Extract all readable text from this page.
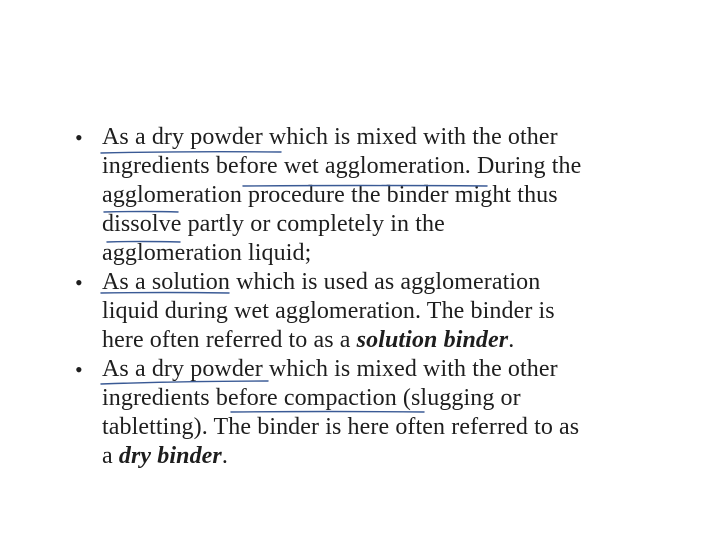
• As a dry powder which is mixed with the other
ingredients before wet agglomeration. During the
agglomeration procedure the binder might thus
dissolve partly or completely in the
agglomeration liquid;
• As a solution which is used as agglomeration
liquid during wet agglomeration. The binder is
here often referred to as a solution binder.
• As a dry powder which is mixed with the other
ingredients before compaction (slugging or
tabletting). The binder is here often referred to as
a dry binder.
